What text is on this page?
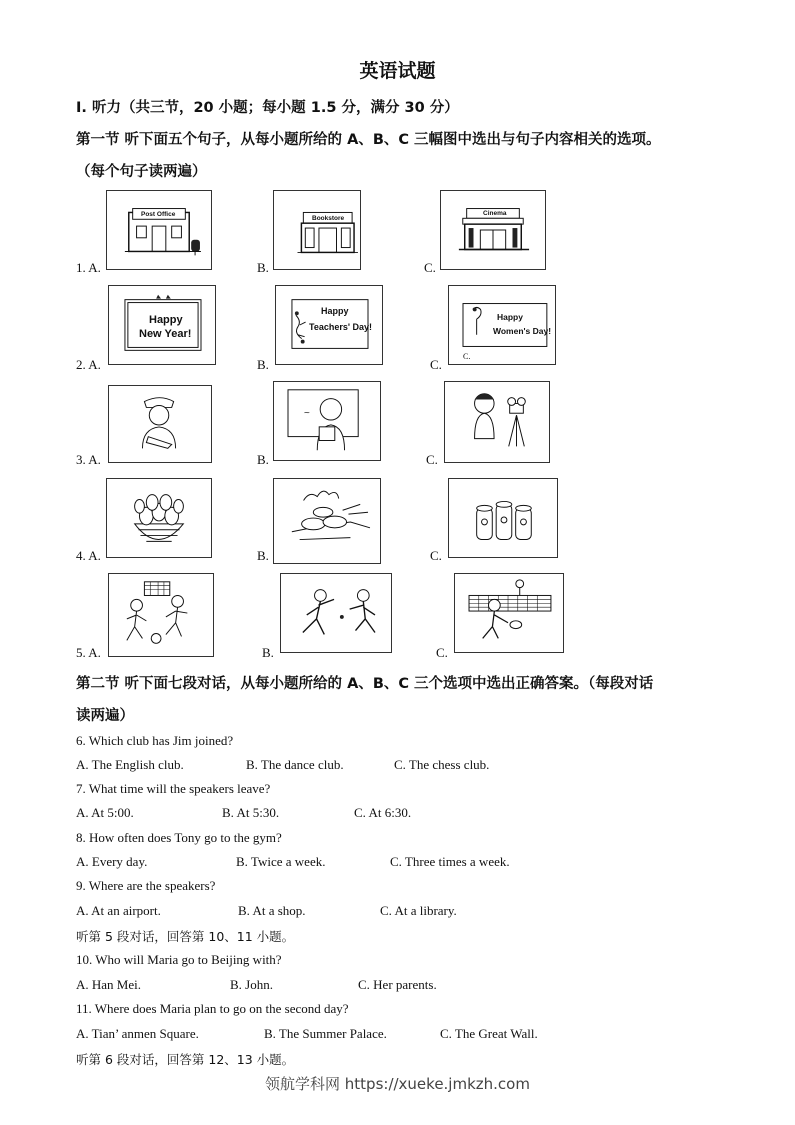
英语试题
Ⅰ. 听力（共三节，20 小题；每小题 1.5 分，满分 30 分）
第一节 听下面五个句子，从每小题所给的 A、B、C 三幅图中选出与句子内容相关的选项。
（每个句子读两遍）
1. A.	B.	C.
Post Office
Bookstore
Cinema
2. A.	B.	C.
Happy
New Year!
Happy
Teachers' Day!
Happy
Women's Day!
C.
3. A.	B.	C.
~
4. A.	B.	C.
5. A.	B.	C.
第二节 听下面七段对话，从每小题所给的 A、B、C 三个选项中选出正确答案。（每段对话
读两遍）
6. Which club has Jim joined?
A. The English club.	B. The dance club.	C. The chess club.
7. What time will the speakers leave?
A. At 5:00.	B. At 5:30.	C. At 6:30.
8. How often does Tony go to the gym?
A. Every day.	B. Twice a week.	C. Three times a week.
9. Where are the speakers?
A. At an airport.	B. At a shop.	C. At a library.
听第 5 段对话，回答第 10、11 小题。
10. Who will Maria go to Beijing with?
A. Han Mei.	B. John.	C. Her parents.
11. Where does Maria plan to go on the second day?
A. Tian’ anmen Square.	B. The Summer Palace.	C. The Great Wall.
听第 6 段对话，回答第 12、13 小题。
领航学科网 https://xueke.jmkzh.com
